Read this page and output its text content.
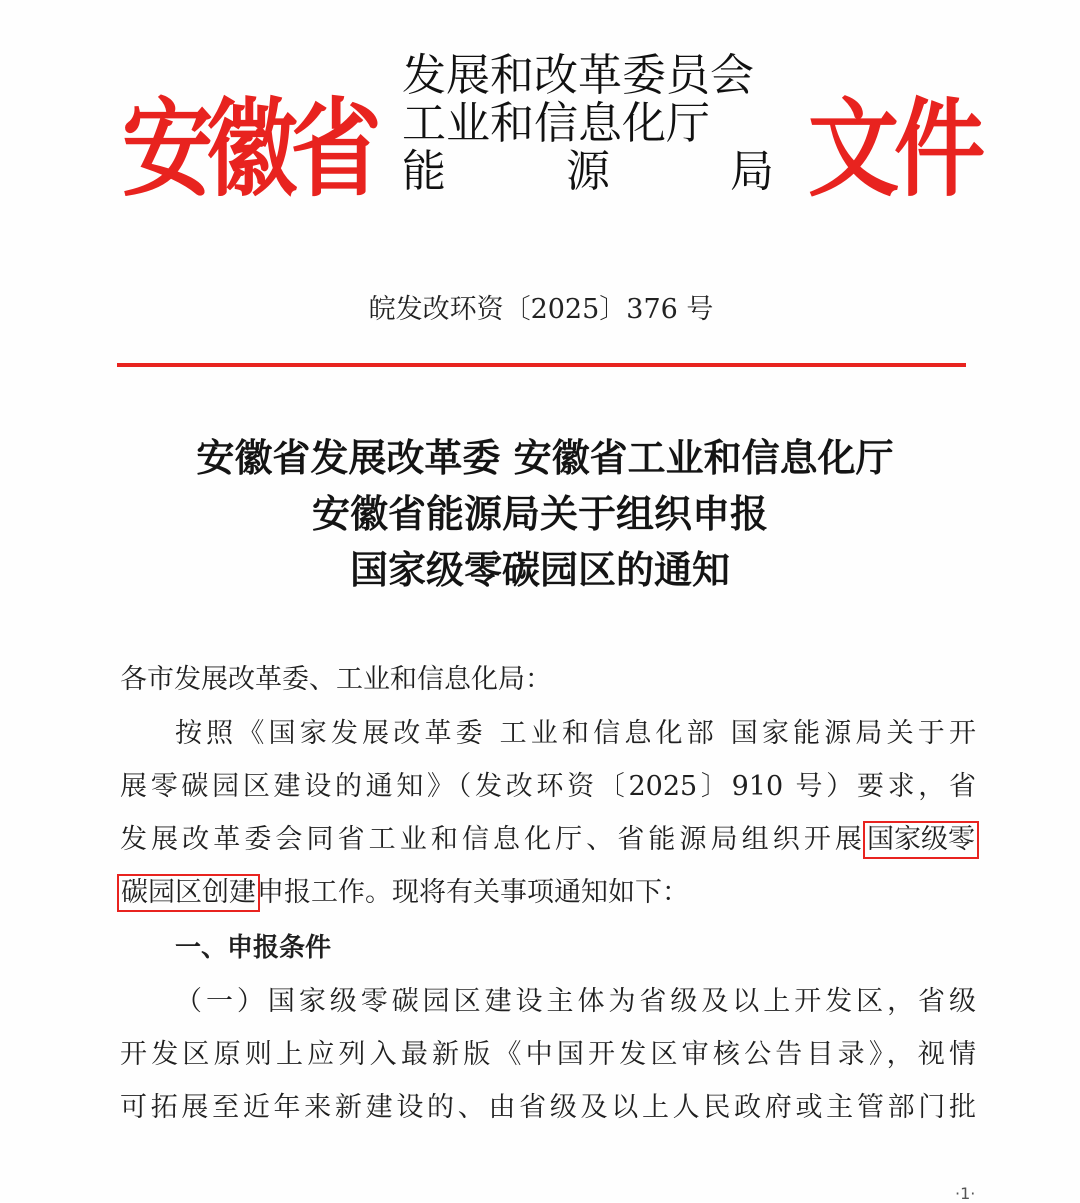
安徽省
发展和改革委员会
工业和信息化厅
能	源	局 文件
皖发改环资〔2025〕376 号
安徽省发展改革委 安徽省工业和信息化厅
安徽省能源局关于组织申报
国家级零碳园区的通知
各市发展改革委、工业和信息化局：
按照《国家发展改革委 工业和信息化部 国家能源局关于开
展零碳园区建设的通知》（发改环资〔2025〕910 号）要求，省
发展改革委会同省工业和信息化厅、省能源局组织开展国家级零
碳园区创建申报工作。现将有关事项通知如下：
一、申报条件
（一）国家级零碳园区建设主体为省级及以上开发区，省级
开发区原则上应列入最新版《中国开发区审核公告目录》，视情
可拓展至近年来新建设的、由省级及以上人民政府或主管部门批
·1·
